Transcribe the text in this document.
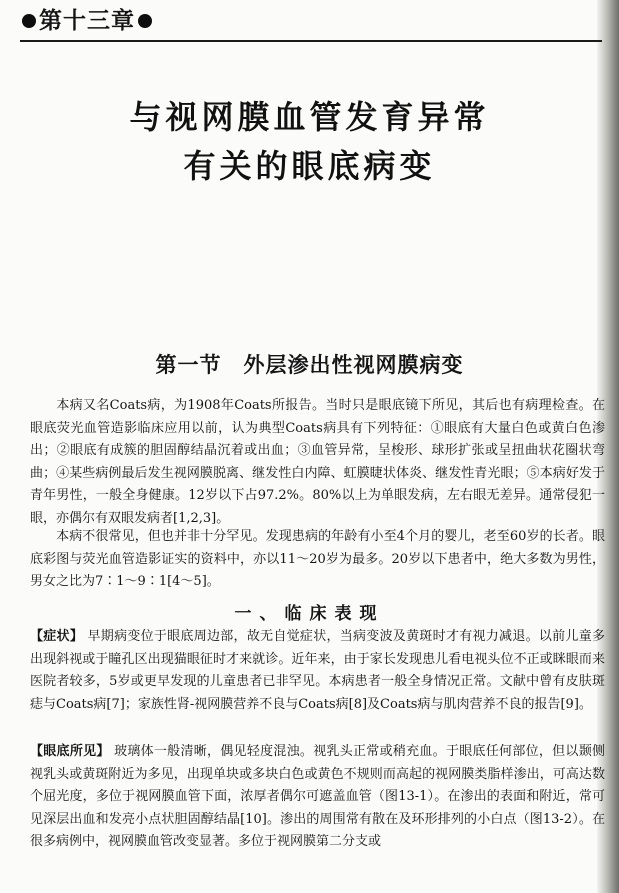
第十三章
与视网膜血管发育异常
有关的眼底病变
第一节 外层渗出性视网膜病变

本病又名Coats病，为1908年Coats所报告。当时只是眼底镜下所见，其后也有病理检查。在眼底荧光血管造影临床应用以前，认为典型Coats病具有下列特征：①眼底有大量白色或黄白色渗出；②眼底有成簇的胆固醇结晶沉着或出血；③血管异常，呈梭形、球形扩张或呈扭曲状花圈状弯曲；④某些病例最后发生视网膜脱离、继发性白内障、虹膜睫状体炎、继发性青光眼；⑤本病好发于青年男性，一般全身健康。12岁以下占97.2%。80%以上为单眼发病，左右眼无差异。通常侵犯一眼，亦偶尔有双眼发病者[1,2,3]。

本病不很常见，但也并非十分罕见。发现患病的年龄有小至4个月的婴儿，老至60岁的长者。眼底彩图与荧光血管造影证实的资料中，亦以11～20岁为最多。20岁以下患者中，绝大多数为男性，男女之比为7∶1～9∶1[4～5]。

一、临床表现

【症状】 早期病变位于眼底周边部，故无自觉症状，当病变波及黄斑时才有视力减退。以前儿童多出现斜视或于瞳孔区出现猫眼征时才来就诊。近年来，由于家长发现患儿看电视头位不正或眯眼而来医院者较多，5岁或更早发现的儿童患者已非罕见。本病患者一般全身情况正常。文献中曾有皮肤斑痣与Coats病[7]；家族性肾-视网膜营养不良与Coats病[8]及Coats病与肌肉营养不良的报告[9]。

【眼底所见】 玻璃体一般清晰，偶见轻度混浊。视乳头正常或稍充血。于眼底任何部位，但以颞侧视乳头或黄斑附近为多见，出现单块或多块白色或黄色不规则而高起的视网膜类脂样渗出，可高达数个屈光度，多位于视网膜血管下面，浓厚者偶尔可遮盖血管（图13-1）。在渗出的表面和附近，常可见深层出血和发亮小点状胆固醇结晶[10]。渗出的周围常有散在及环形排列的小白点（图13-2）。在很多病例中，视网膜血管改变显著。多位于视网膜第二分支或
